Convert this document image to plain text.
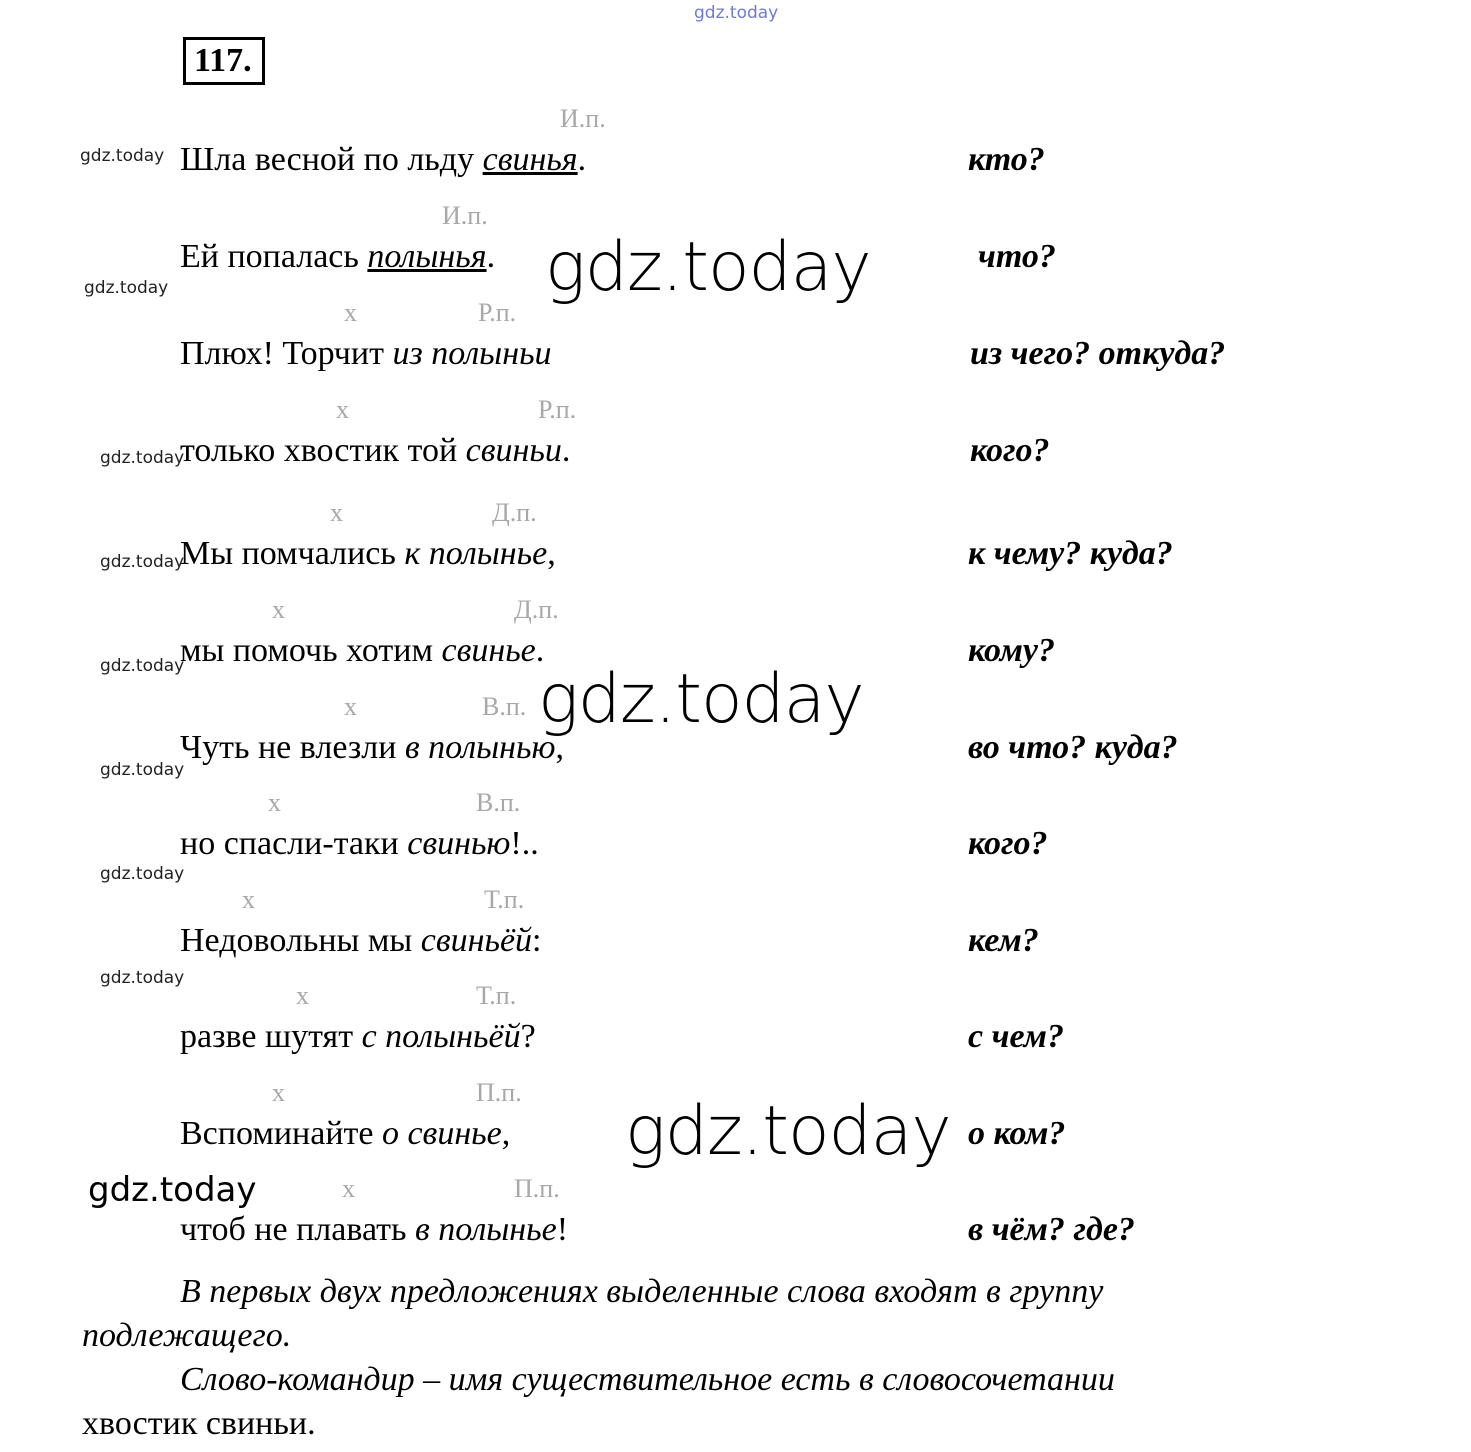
gdz.today
117.
И.п.
Шла весной по льду свинья.	кто?
И.п.
Ей попалась полынья.	что?
х	Р.п.
Плюх! Торчит из полыньи	из чего? откуда?
х	Р.п.
только хвостик той свиньи.	кого?
х	Д.п.
Мы помчались к полынье,	к чему? куда?
х	Д.п.
мы помочь хотим свинье.	кому?
х	В.п.
Чуть не влезли в полынью,	во что? куда?
х	В.п.
но спасли-таки свинью!..	кого?
х	Т.п.
Недовольны мы свиньёй:	кем?
х	Т.п.
разве шутят с полыньёй?	с чем?
х	П.п.
Вспоминайте о свинье,	о ком?
х	П.п.
чтоб не плавать в полынье!	в чём? где?
В первых двух предложениях выделенные слова входят в группу подлежащего.
Слово-командир – имя существительное есть в словосочетании
хвостик свиньи.
gdz.today
gdz.today
gdz.today
gdz.today
gdz.today
gdz.today
gdz.today
gdz.today
gdz.today
gdz.today
gdz.today
gdz.today
